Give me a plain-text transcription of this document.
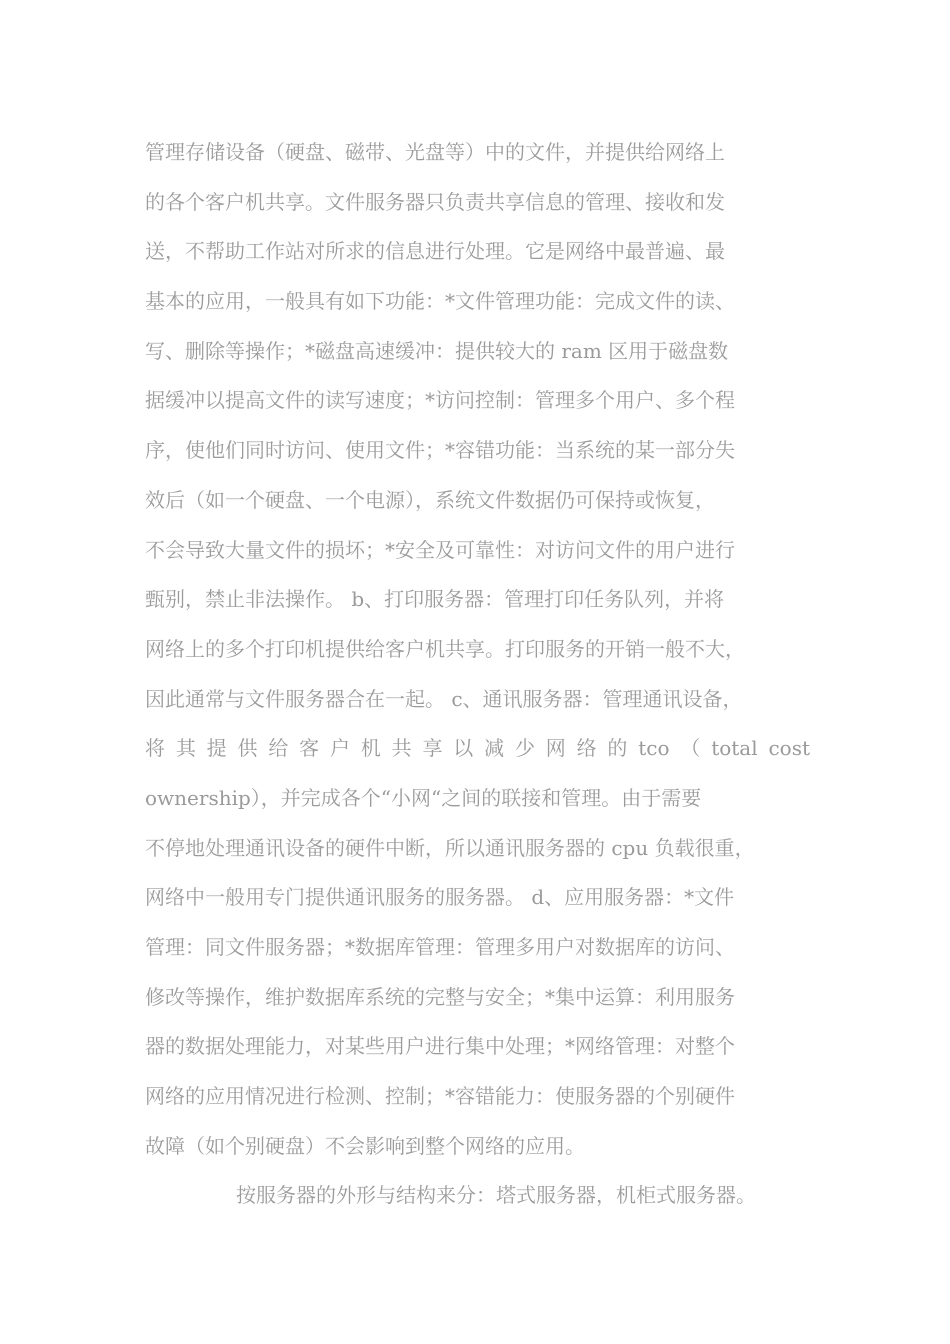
管理存储设备（硬盘、磁带、光盘等）中的文件，并提供给网络上
的各个客户机共享。文件服务器只负责共享信息的管理、接收和发
送，不帮助工作站对所求的信息进行处理。它是网络中最普遍、最
基本的应用，一般具有如下功能：*文件管理功能：完成文件的读、
写、删除等操作；*磁盘高速缓冲：提供较大的 ram 区用于磁盘数
据缓冲以提高文件的读写速度；*访问控制：管理多个用户、多个程
序，使他们同时访问、使用文件；*容错功能：当系统的某一部分失
效后（如一个硬盘、一个电源），系统文件数据仍可保持或恢复，
不会导致大量文件的损坏；*安全及可靠性：对访问文件的用户进行
甄别，禁止非法操作。 b、打印服务器：管理打印任务队列，并将
网络上的多个打印机提供给客户机共享。打印服务的开销一般不大，
因此通常与文件服务器合在一起。 c、通讯服务器：管理通讯设备，
将 其 提 供 给 客 户 机 共 享 以 减 少 网 络 的 tco （ total cost
ownership），并完成各个“小网“之间的联接和管理。由于需要
不停地处理通讯设备的硬件中断，所以通讯服务器的 cpu 负载很重，
网络中一般用专门提供通讯服务的服务器。 d、应用服务器：*文件
管理：同文件服务器；*数据库管理：管理多用户对数据库的访问、
修改等操作，维护数据库系统的完整与安全；*集中运算：利用服务
器的数据处理能力，对某些用户进行集中处理；*网络管理：对整个
网络的应用情况进行检测、控制；*容错能力：使服务器的个别硬件
故障（如个别硬盘）不会影响到整个网络的应用。
按服务器的外形与结构来分：塔式服务器，机柜式服务器。
